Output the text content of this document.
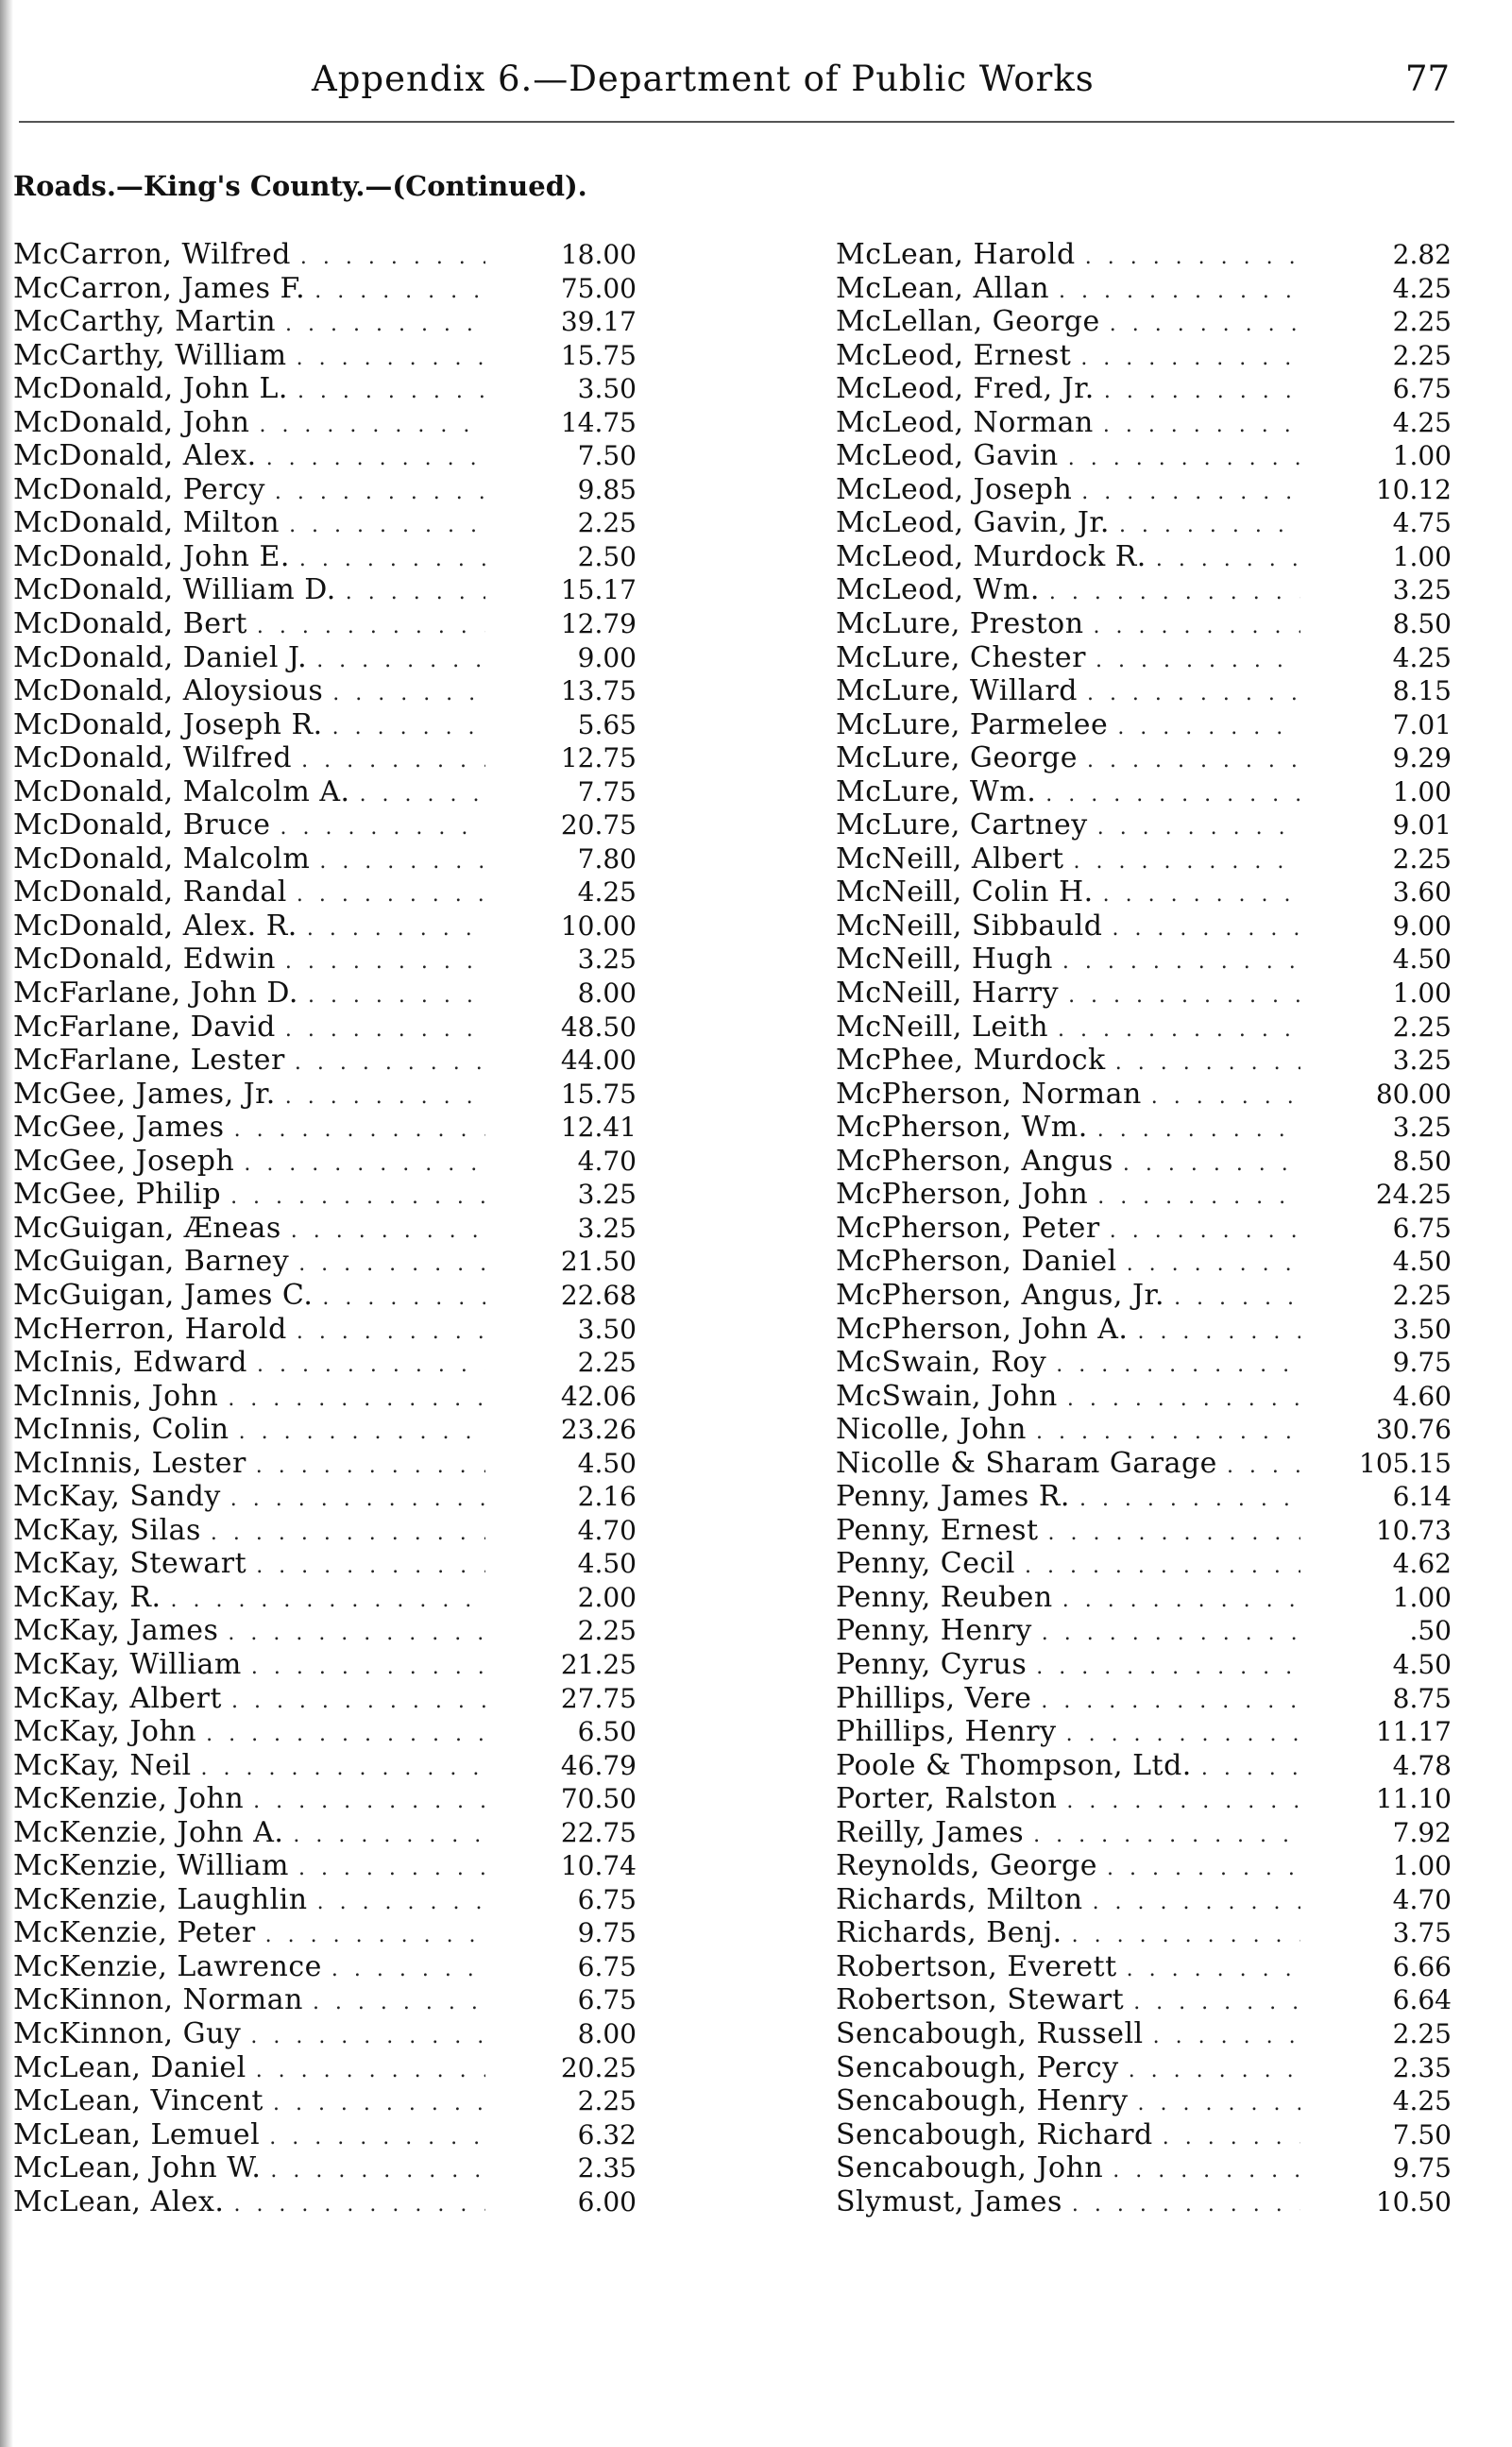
Appendix 6.—Department of Public Works	77
Roads.—King's County.—(Continued).
McCarron, Wilfred . . .	18.00
McCarron, James F. . . .	75.00
McCarthy, Martin . . .	39.17
McCarthy, William . . .	15.75
McDonald, John L. . . .	3.50
McDonald, John . . .	14.75
McDonald, Alex. . . .	7.50
McDonald, Percy . . .	9.85
McDonald, Milton . . .	2.25
McDonald, John E. . . .	2.50
McDonald, William D. . . .	15.17
McDonald, Bert . . .	12.79
McDonald, Daniel J. . . .	9.00
McDonald, Aloysious . . .	13.75
McDonald, Joseph R. . . .	5.65
McDonald, Wilfred . . .	12.75
McDonald, Malcolm A. . . .	7.75
McDonald, Bruce . . .	20.75
McDonald, Malcolm . . .	7.80
McDonald, Randal . . .	4.25
McDonald, Alex. R. . . .	10.00
McDonald, Edwin . . .	3.25
McFarlane, John D. . . .	8.00
McFarlane, David . . .	48.50
McFarlane, Lester . . .	44.00
McGee, James, Jr. . . .	15.75
McGee, James . . .	12.41
McGee, Joseph . . .	4.70
McGee, Philip . . .	3.25
McGuigan, Æneas . . .	3.25
McGuigan, Barney . . .	21.50
McGuigan, James C. . . .	22.68
McHerron, Harold . . .	3.50
McInis, Edward . . .	2.25
McInnis, John . . .	42.06
McInnis, Colin . . .	23.26
McInnis, Lester . . .	4.50
McKay, Sandy . . .	2.16
McKay, Silas . . .	4.70
McKay, Stewart . . .	4.50
McKay, R. . . .	2.00
McKay, James . . .	2.25
McKay, William . . .	21.25
McKay, Albert . . .	27.75
McKay, John . . .	6.50
McKay, Neil . . .	46.79
McKenzie, John . . .	70.50
McKenzie, John A. . . .	22.75
McKenzie, William . . .	10.74
McKenzie, Laughlin . . .	6.75
McKenzie, Peter . . .	9.75
McKenzie, Lawrence . . .	6.75
McKinnon, Norman . . .	6.75
McKinnon, Guy . . .	8.00
McLean, Daniel . . .	20.25
McLean, Vincent . . .	2.25
McLean, Lemuel . . .	6.32
McLean, John W. . . .	2.35
McLean, Alex. . . .	6.00
McLean, Harold . . .	2.82
McLean, Allan . . .	4.25
McLellan, George . . .	2.25
McLeod, Ernest . . .	2.25
McLeod, Fred, Jr. . . .	6.75
McLeod, Norman . . .	4.25
McLeod, Gavin . . .	1.00
McLeod, Joseph . . .	10.12
McLeod, Gavin, Jr. . . .	4.75
McLeod, Murdock R. . . .	1.00
McLeod, Wm. . . .	3.25
McLure, Preston . . .	8.50
McLure, Chester . . .	4.25
McLure, Willard . . .	8.15
McLure, Parmelee . . .	7.01
McLure, George . . .	9.29
McLure, Wm. . . .	1.00
McLure, Cartney . . .	9.01
McNeill, Albert . . .	2.25
McNeill, Colin H. . . .	3.60
McNeill, Sibbauld . . .	9.00
McNeill, Hugh . . .	4.50
McNeill, Harry . . .	1.00
McNeill, Leith . . .	2.25
McPhee, Murdock . . .	3.25
McPherson, Norman . . .	80.00
McPherson, Wm. . . .	3.25
McPherson, Angus . . .	8.50
McPherson, John . . .	24.25
McPherson, Peter . . .	6.75
McPherson, Daniel . . .	4.50
McPherson, Angus, Jr. . . .	2.25
McPherson, John A. . . .	3.50
McSwain, Roy . . .	9.75
McSwain, John . . .	4.60
Nicolle, John . . .	30.76
Nicolle & Sharam Garage . . .	105.15
Penny, James R. . . .	6.14
Penny, Ernest . . .	10.73
Penny, Cecil . . .	4.62
Penny, Reuben . . .	1.00
Penny, Henry . . .	.50
Penny, Cyrus . . .	4.50
Phillips, Vere . . .	8.75
Phillips, Henry . . .	11.17
Poole & Thompson, Ltd. . . .	4.78
Porter, Ralston . . .	11.10
Reilly, James . . .	7.92
Reynolds, George . . .	1.00
Richards, Milton . . .	4.70
Richards, Benj. . . .	3.75
Robertson, Everett . . .	6.66
Robertson, Stewart . . .	6.64
Sencabough, Russell . . .	2.25
Sencabough, Percy . . .	2.35
Sencabough, Henry . . .	4.25
Sencabough, Richard . . .	7.50
Sencabough, John . . .	9.75
Slymust, James . . .	10.50
